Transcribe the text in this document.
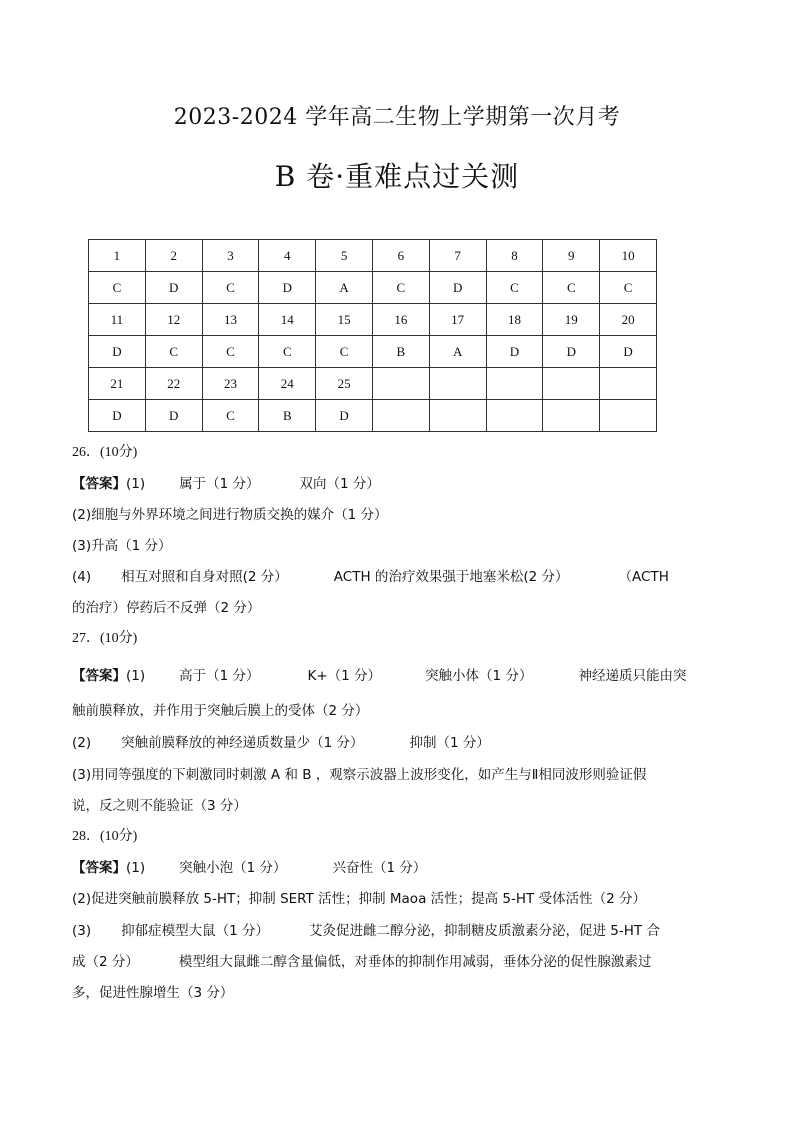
2023-2024 学年高二生物上学期第一次月考
B 卷·重难点过关测
1	2	3	4	5	6	7	8	9	10
C	D	C	D	A	C	D	C	C	C
11	12	13	14	15	16	17	18	19	20
D	C	C	C	C	B	A	D	D	D
21	22	23	24	25					
D	D	C	B	D					
26．(10分)
【答案】(1)	属于（1 分）	双向（1 分）
(2)细胞与外界环境之间进行物质交换的媒介（1 分）
(3)升高（1 分）
(4) 相互对照和自身对照(2 分）	ACTH 的治疗效果强于地塞米松(2 分）	（ACTH
的治疗）停药后不反弹（2 分）
27．(10分)
【答案】(1)	高于（1 分）	K+（1 分）	突触小体（1 分）	神经递质只能由突
触前膜释放，并作用于突触后膜上的受体（2 分）
(2) 突触前膜释放的神经递质数量少（1 分）	抑制（1 分）
(3)用同等强度的下刺激同时刺激 A 和 B ，观察示波器上波形变化，如产生与Ⅱ相同波形则验证假
说，反之则不能验证（3 分）
28．(10分)
【答案】(1)	突触小泡（1 分）	兴奋性（1 分）
(2)促进突触前膜释放 5-HT；抑制 SERT 活性；抑制 Maoa 活性；提高 5-HT 受体活性（2 分）
(3) 抑郁症模型大鼠（1 分）	艾灸促进雌二醇分泌，抑制糖皮质激素分泌，促进 5-HT 合
成（2 分）	模型组大鼠雌二醇含量偏低，对垂体的抑制作用减弱，垂体分泌的促性腺激素过
多，促进性腺增生（3 分）
